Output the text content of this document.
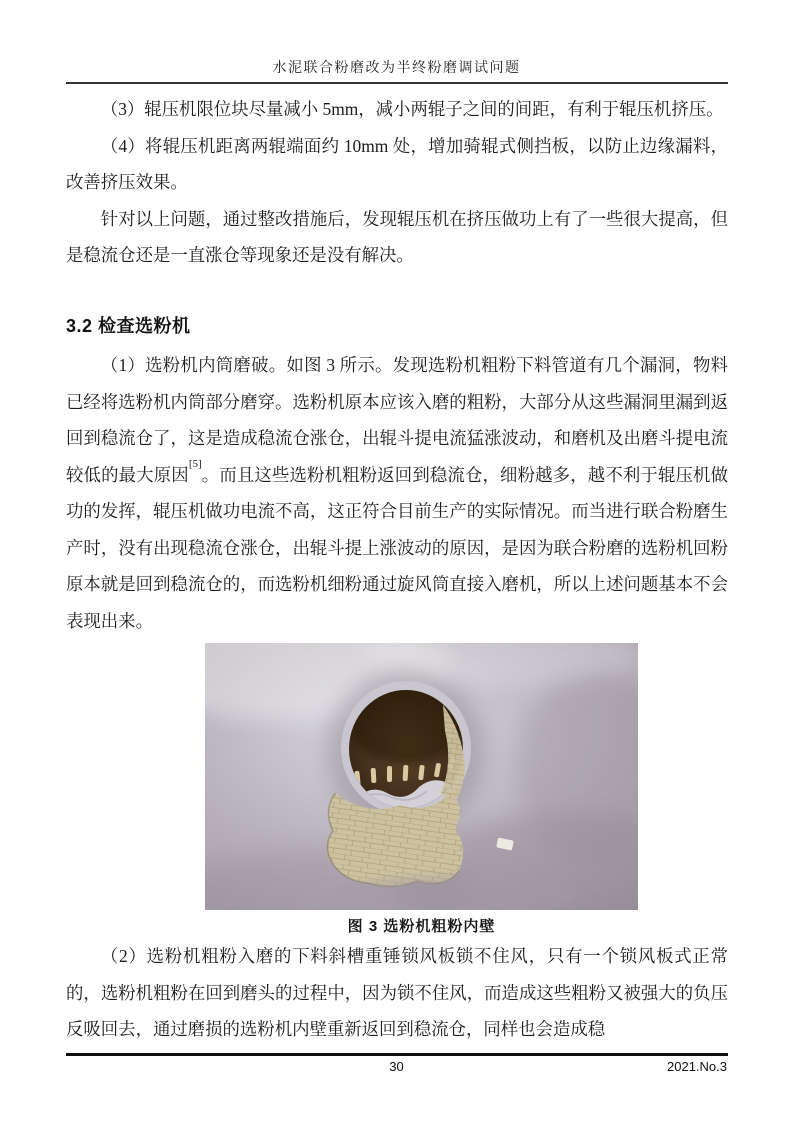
水泥联合粉磨改为半终粉磨调试问题

（3）辊压机限位块尽量减小 5mm，减小两辊子之间的间距，有利于辊压机挤压。

（4）将辊压机距离两辊端面约 10mm 处，增加骑辊式侧挡板，以防止边缘漏料，改善挤压效果。

针对以上问题，通过整改措施后，发现辊压机在挤压做功上有了一些很大提高，但是稳流仓还是一直涨仓等现象还是没有解决。

3.2 检查选粉机

（1）选粉机内筒磨破。如图 3 所示。发现选粉机粗粉下料管道有几个漏洞，物料已经将选粉机内筒部分磨穿。选粉机原本应该入磨的粗粉，大部分从这些漏洞里漏到返回到稳流仓了，这是造成稳流仓涨仓，出辊斗提电流猛涨波动，和磨机及出磨斗提电流较低的最大原因[5]。而且这些选粉机粗粉返回到稳流仓，细粉越多，越不利于辊压机做功的发挥，辊压机做功电流不高，这正符合目前生产的实际情况。而当进行联合粉磨生产时，没有出现稳流仓涨仓，出辊斗提上涨波动的原因，是因为联合粉磨的选粉机回粉原本就是回到稳流仓的，而选粉机细粉通过旋风筒直接入磨机，所以上述问题基本不会表现出来。

图 3 选粉机粗粉内壁

（2）选粉机粗粉入磨的下料斜槽重锤锁风板锁不住风，只有一个锁风板式正常的，选粉机粗粉在回到磨头的过程中，因为锁不住风，而造成这些粗粉又被强大的负压反吸回去，通过磨损的选粉机内壁重新返回到稳流仓，同样也会造成稳

30	2021.No.3
